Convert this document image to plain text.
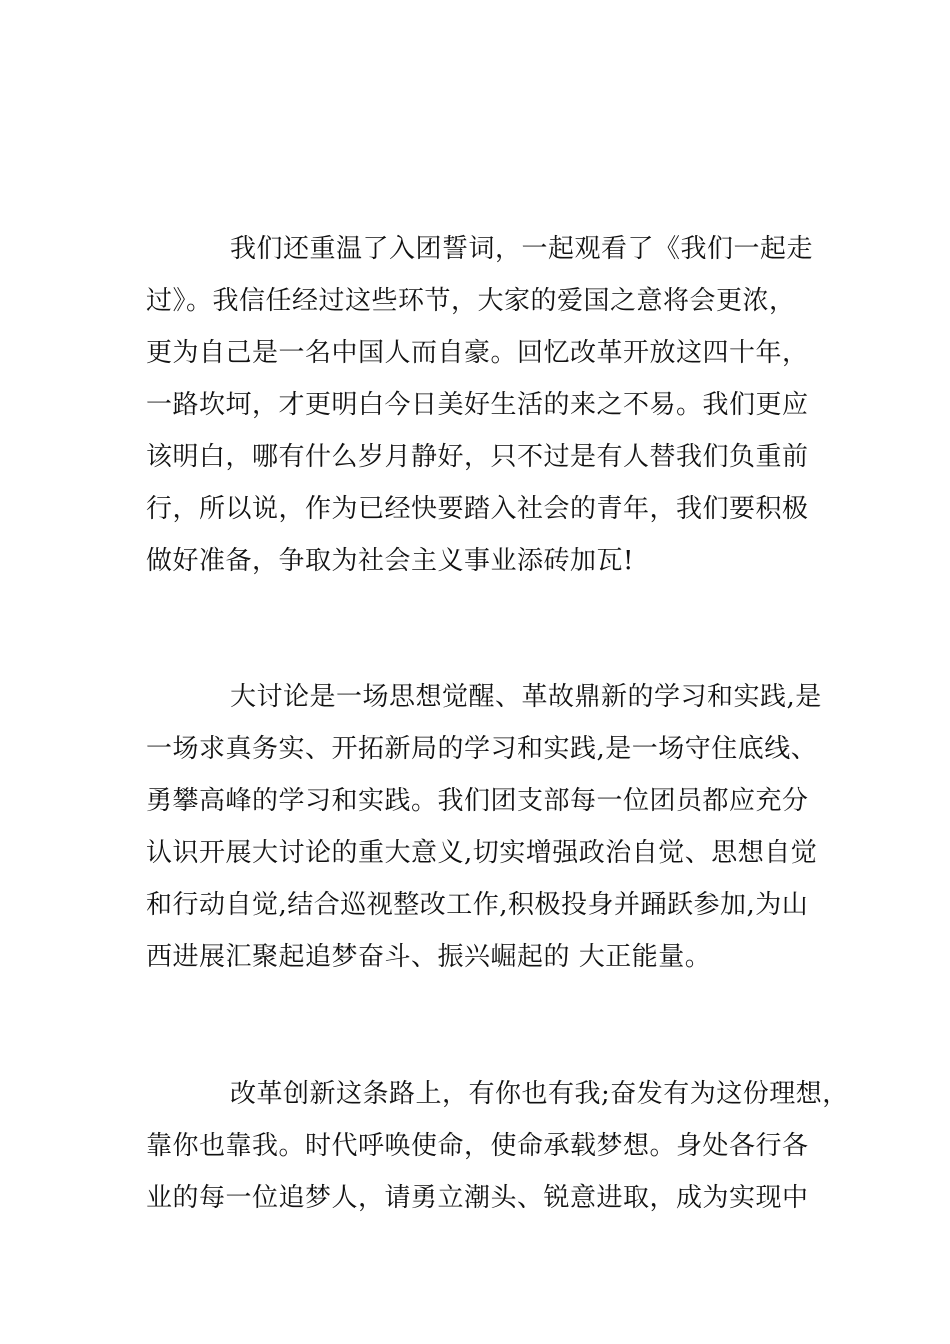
我们还重温了入团誓词，一起观看了《我们一起走
过》。我信任经过这些环节，大家的爱国之意将会更浓，
更为自己是一名中国人而自豪。回忆改革开放这四十年，
一路坎坷，才更明白今日美好生活的来之不易。我们更应
该明白，哪有什么岁月静好，只不过是有人替我们负重前
行，所以说，作为已经快要踏入社会的青年，我们要积极
做好准备，争取为社会主义事业添砖加瓦!
大讨论是一场思想觉醒、革故鼎新的学习和实践,是
一场求真务实、开拓新局的学习和实践,是一场守住底线、
勇攀高峰的学习和实践。我们团支部每一位团员都应充分
认识开展大讨论的重大意义,切实增强政治自觉、思想自觉
和行动自觉,结合巡视整改工作,积极投身并踊跃参加,为山
西进展汇聚起追梦奋斗、振兴崛起的 大正能量。
改革创新这条路上，有你也有我;奋发有为这份理想，
靠你也靠我。时代呼唤使命，使命承载梦想。身处各行各
业的每一位追梦人，请勇立潮头、锐意进取，成为实现中
